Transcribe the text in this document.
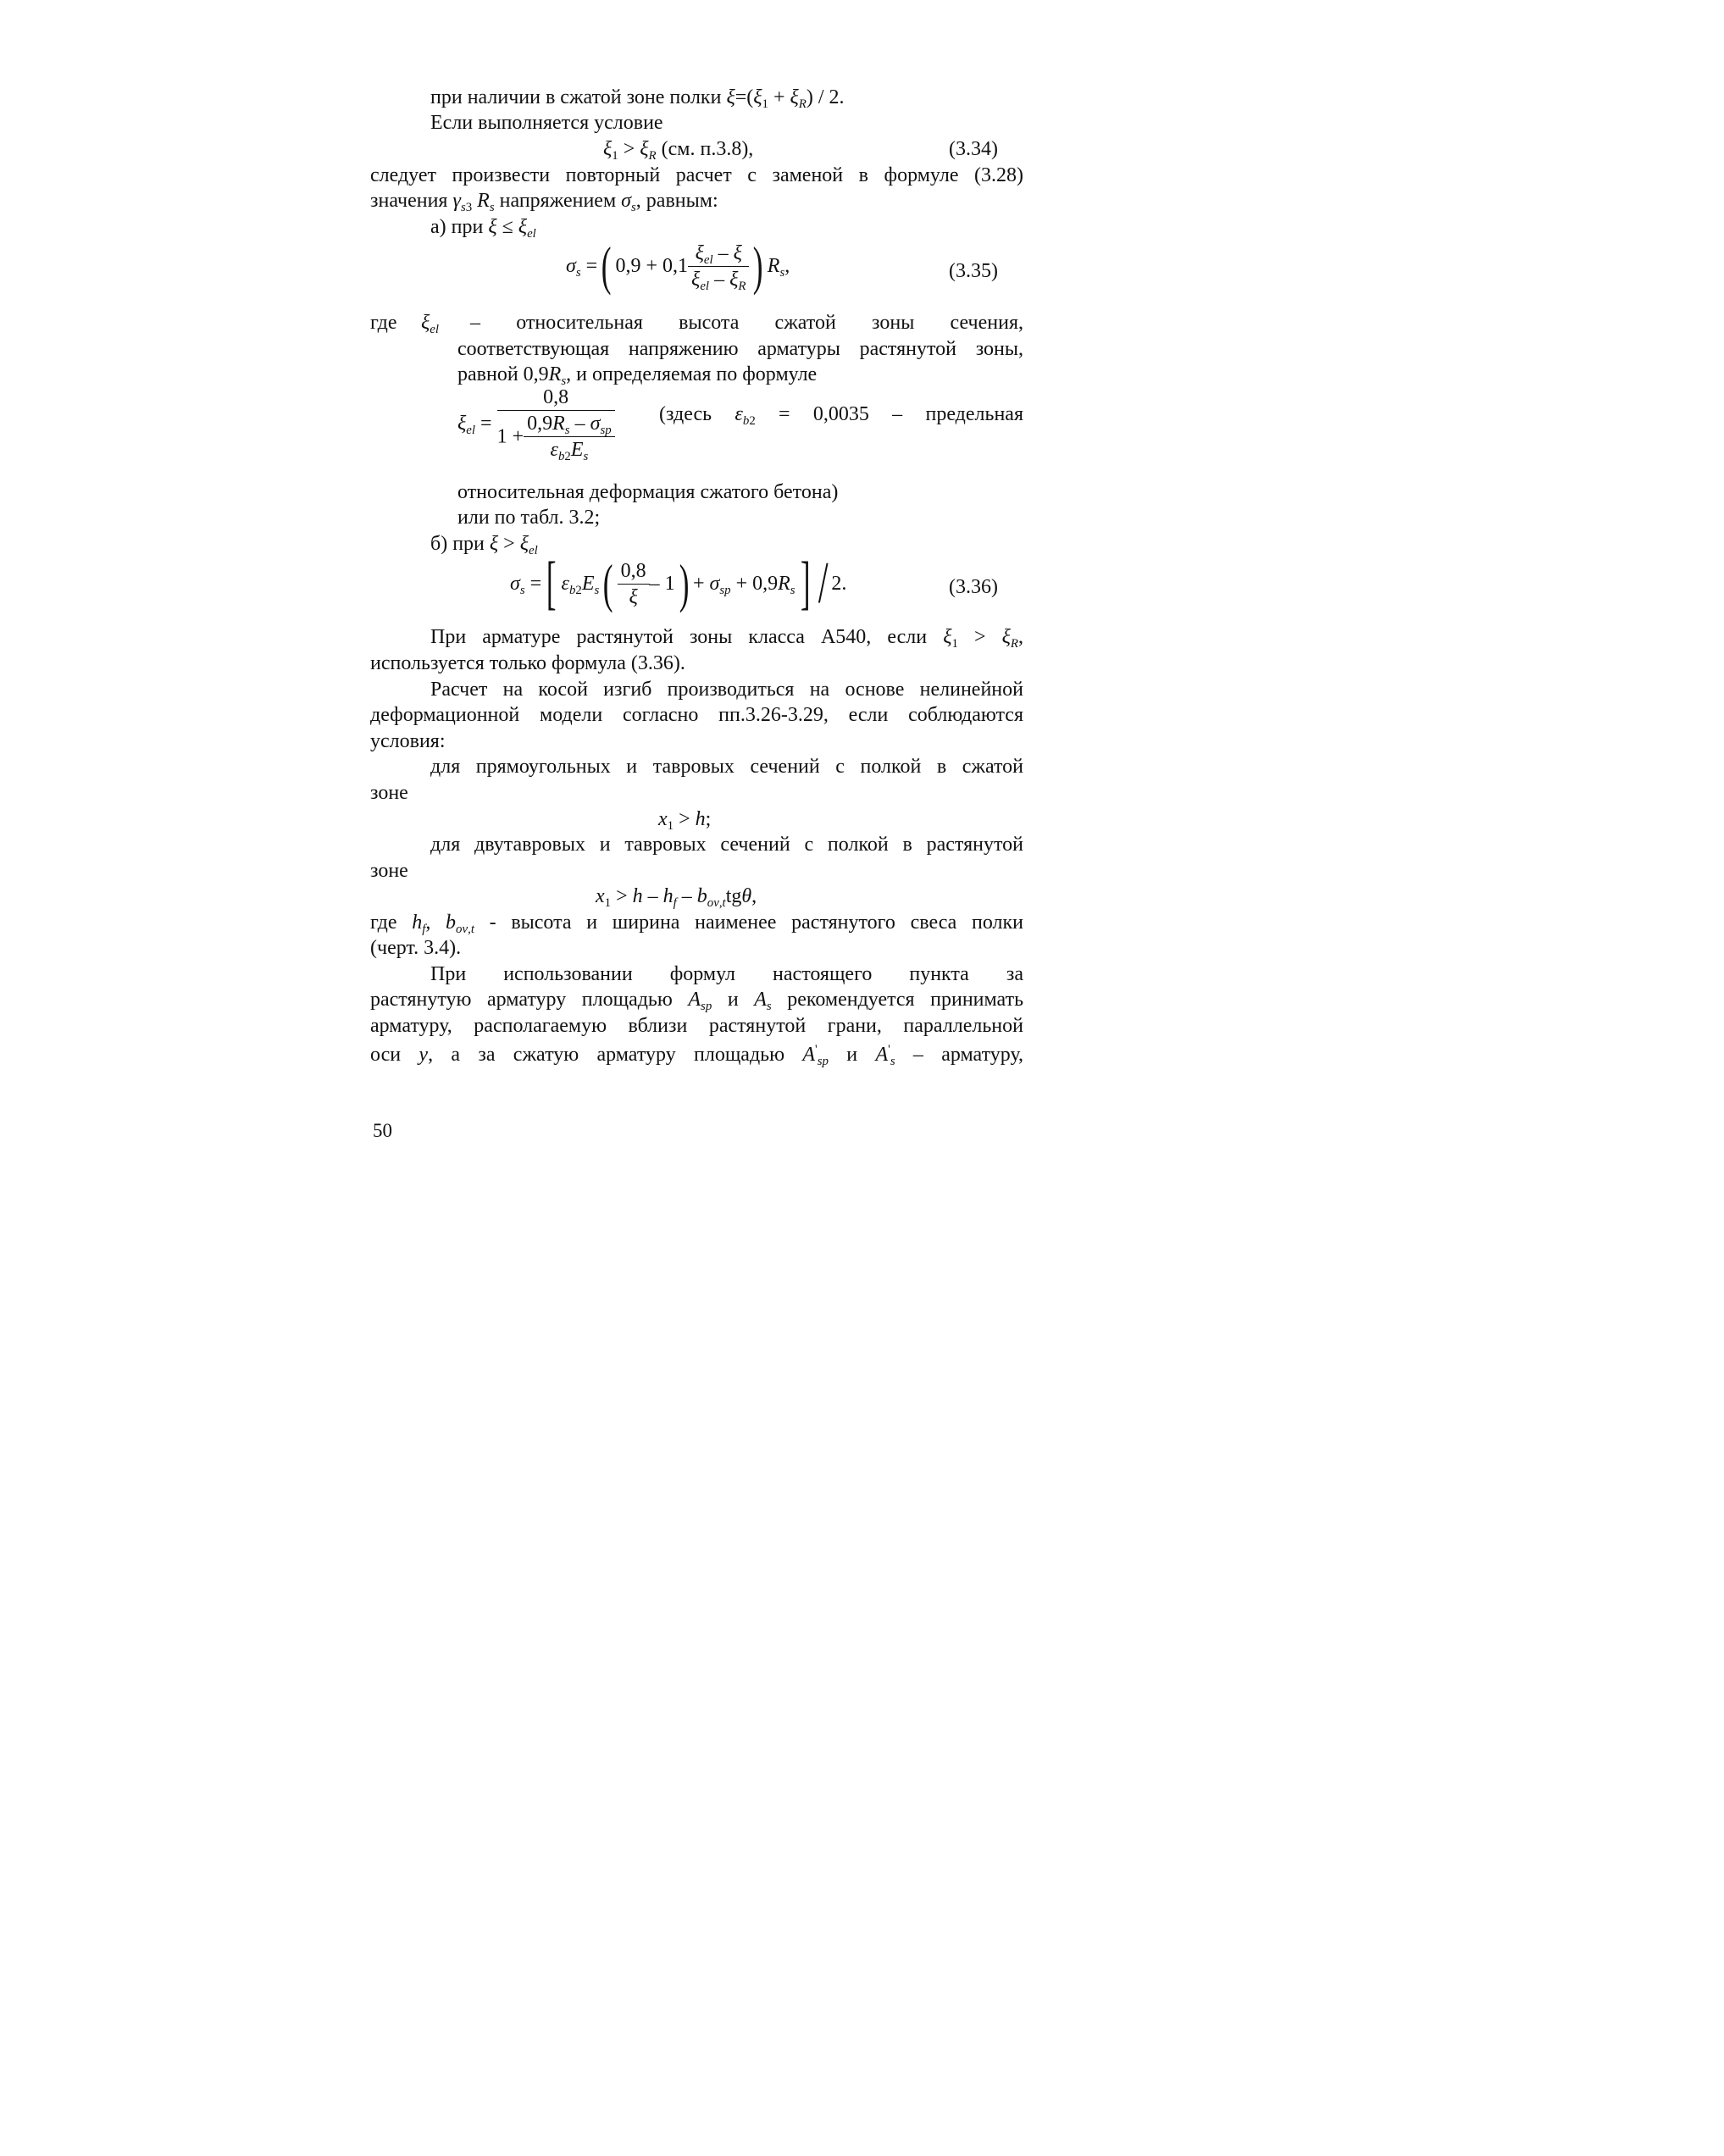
при наличии в сжатой зоне полки $\xi=(\xi_1 + \xi_R) / 2$.
Если выполняется условие
$\xi_1 > \xi_R$ (см. п.3.8),	(3.34)
следует произвести повторный расчет с заменой в формуле (3.28)
значения $\gamma_{s3}$ $R_s$ напряжением $\sigma_s$, равным:
а) при $\xi \le \xi_{el}$
$\sigma_s$ =( 0,9 + 0,1
$\xi_{el}$ – ξ
$\xi_{el} - \xi_R$ ) $R_s$,	(3.35)
где $\xi_{el}$ – относительная высота сжатой зоны сечения,
соответствующая напряжению арматуры растянутой зоны,
равной $0,9R_s$, и определяемая по формуле
$\xi_{el}$ =
0,8
1 +
$0,9R_s - \sigma_{sp}$
$\varepsilon_{b2}E_s$
(здесь $\varepsilon_{b2} = 0,0035$ – предельная
относительная деформация сжатого бетона)
или по табл. 3.2;
б) при $\xi > \xi_{el}$
$\sigma_s$ =[ $\varepsilon_{b2}E_s( \frac{0,8}{\xi} - 1) + \sigma_{sp} + 0,9R_s] / 2$.	(3.36)
При арматуре растянутой зоны класса А540, если $\xi_1 > \xi_R$,
используется только формула (3.36).
Расчет на косой изгиб производиться на основе нелинейной
деформационной модели согласно пп.3.26-3.29, если соблюдаются
условия:
для прямоугольных и тавровых сечений с полкой в сжатой
зоне
$x_1 > h$;
для двутавровых и тавровых сечений с полкой в растянутой
зоне
$x_1 > h - h_f - b_{ov,t}tg\theta$,
где $h_f$, $b_{ov,t}$ - высота и ширина наименее растянутого свеса полки
(черт. 3.4).
При использовании формул настоящего пункта за
растянутую арматуру площадью $A_{sp}$ и $A_s$ рекомендуется принимать
арматуру, располагаемую вблизи растянутой грани, параллельной
оси y, а за сжатую арматуру площадью $A'_{sp}$ и $A'_s$ – арматуру,
50
